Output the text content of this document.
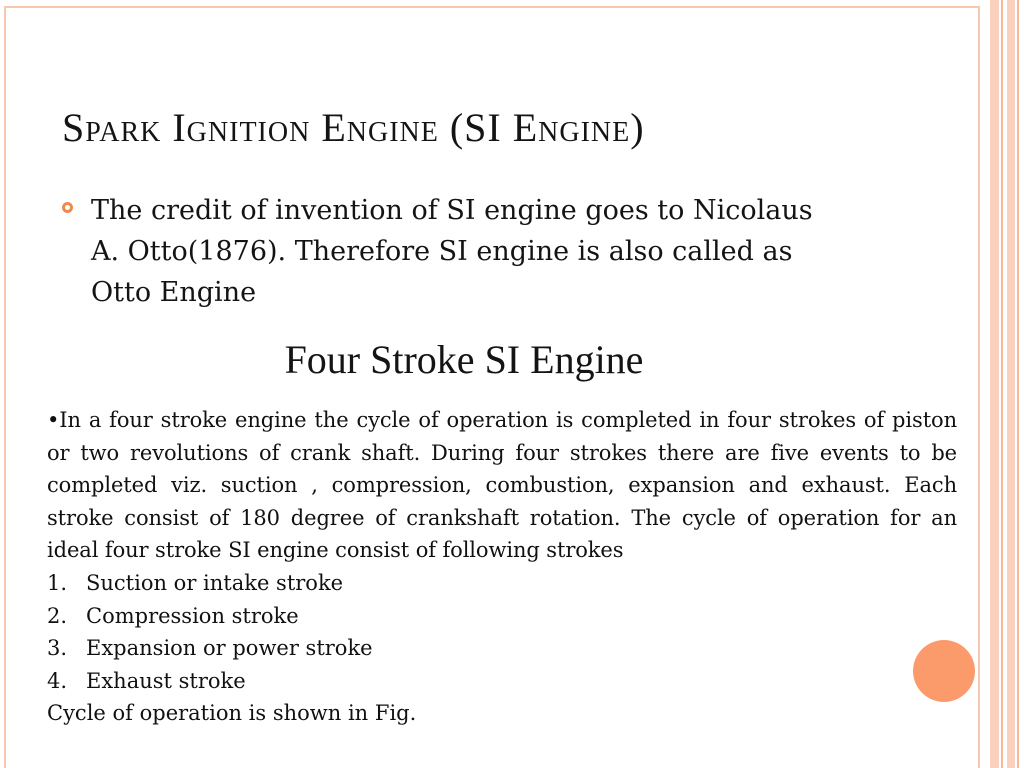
Spark Ignition Engine (SI Engine)
The credit of invention of SI engine goes to Nicolaus A. Otto(1876). Therefore SI engine is also called as Otto Engine
Four Stroke SI Engine

•In a four stroke engine the cycle of operation is completed in four strokes of piston or two revolutions of crank shaft. During four strokes there are five events to be completed viz. suction , compression, combustion, expansion and exhaust. Each stroke consist of 180 degree of crankshaft rotation. The cycle of operation for an ideal four stroke SI engine consist of following strokes

1. Suction or intake stroke
2. Compression stroke
3. Expansion or power stroke
4. Exhaust stroke

Cycle of operation is shown in Fig.
